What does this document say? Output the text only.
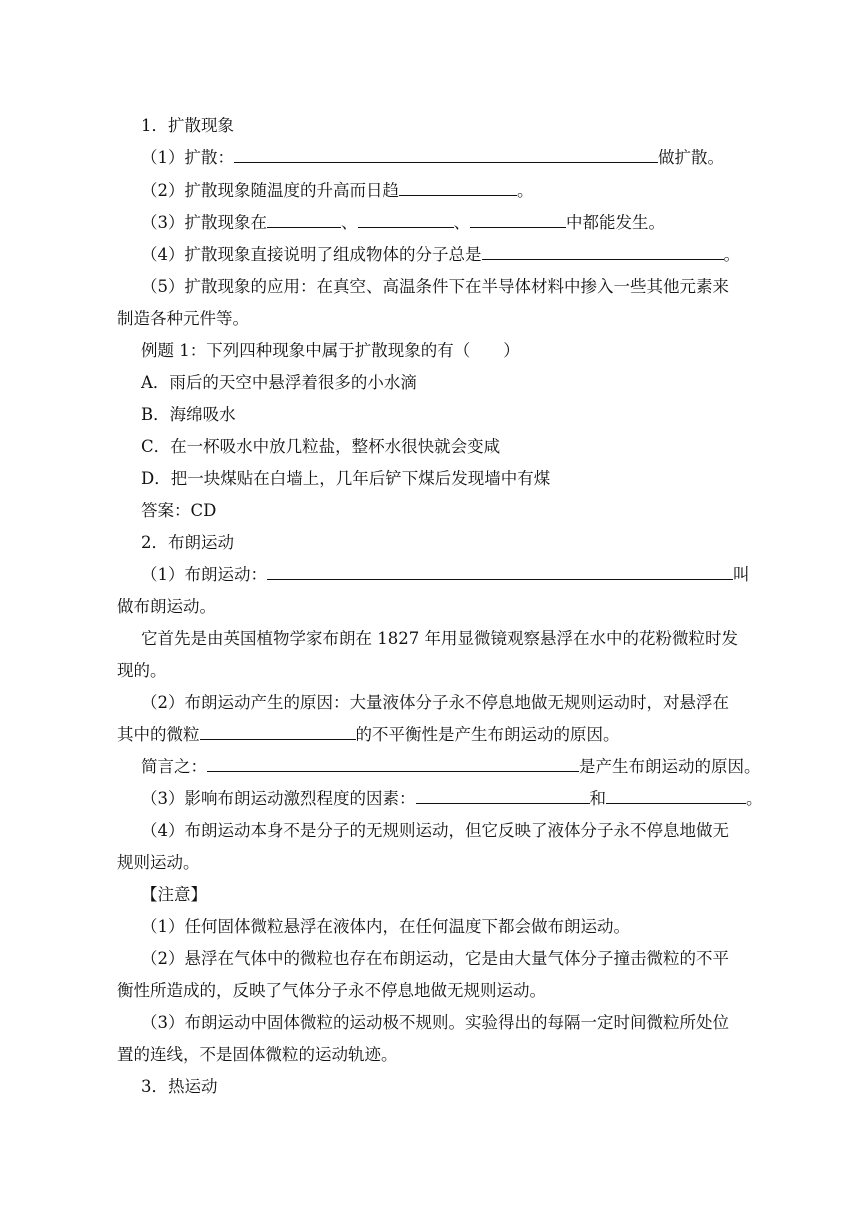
1．扩散现象
（1）扩散：	做扩散。
（2）扩散现象随温度的升高而日趋	。
（3）扩散现象在	、	、	中都能发生。
（4）扩散现象直接说明了组成物体的分子总是	。
（5）扩散现象的应用：在真空、高温条件下在半导体材料中掺入一些其他元素来
制造各种元件等。
例题 1：下列四种现象中属于扩散现象的有（　　）
A．雨后的天空中悬浮着很多的小水滴
B．海绵吸水
C．在一杯吸水中放几粒盐，整杯水很快就会变咸
D．把一块煤贴在白墙上，几年后铲下煤后发现墙中有煤
答案：CD
2．布朗运动
（1）布朗运动：	叫
做布朗运动。
它首先是由英国植物学家布朗在 1827 年用显微镜观察悬浮在水中的花粉微粒时发
现的。
（2）布朗运动产生的原因：大量液体分子永不停息地做无规则运动时，对悬浮在
其中的微粒	的不平衡性是产生布朗运动的原因。
简言之：	是产生布朗运动的原因。
（3）影响布朗运动激烈程度的因素：	和	。
（4）布朗运动本身不是分子的无规则运动，但它反映了液体分子永不停息地做无
规则运动。
【注意】
（1）任何固体微粒悬浮在液体内，在任何温度下都会做布朗运动。
（2）悬浮在气体中的微粒也存在布朗运动，它是由大量气体分子撞击微粒的不平
衡性所造成的，反映了气体分子永不停息地做无规则运动。
（3）布朗运动中固体微粒的运动极不规则。实验得出的每隔一定时间微粒所处位
置的连线，不是固体微粒的运动轨迹。
3．热运动
